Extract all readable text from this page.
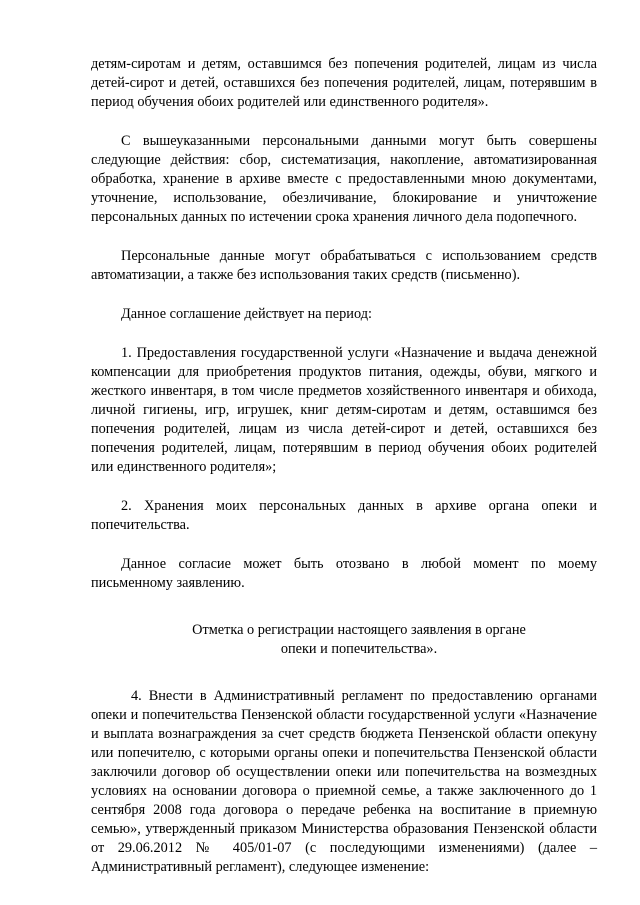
детям-сиротам и детям, оставшимся без попечения родителей, лицам из числа детей-сирот и детей, оставшихся без попечения родителей, лицам, потерявшим в период обучения обоих родителей или единственного родителя».

С вышеуказанными персональными данными могут быть совершены следующие действия: сбор, систематизация, накопление, автоматизированная обработка, хранение в архиве вместе с предоставленными мною документами, уточнение, использование, обезличивание, блокирование и уничтожение персональных данных по истечении срока хранения личного дела подопечного.

Персональные данные могут обрабатываться с использованием средств автоматизации, а также без использования таких средств (письменно).

Данное соглашение действует на период:

1. Предоставления государственной услуги «Назначение и выдача денежной компенсации для приобретения продуктов питания, одежды, обуви, мягкого и жесткого инвентаря, в том числе предметов хозяйственного инвентаря и обихода, личной гигиены, игр, игрушек, книг детям-сиротам и детям, оставшимся без попечения родителей, лицам из числа детей-сирот и детей, оставшихся без попечения родителей, лицам, потерявшим в период обучения обоих родителей или единственного родителя»;

2. Хранения моих персональных данных в архиве органа опеки и попечительства.

Данное согласие может быть отозвано в любой момент по моему письменному заявлению.

Отметка о регистрации настоящего заявления в органе

опеки и попечительства».

4. Внести в Административный регламент по предоставлению органами опеки и попечительства Пензенской области государственной услуги «Назначение и выплата вознаграждения за счет средств бюджета Пензенской области опекуну или попечителю, с которыми органы опеки и попечительства Пензенской области заключили договор об осуществлении опеки или попечительства на возмездных условиях на основании договора о приемной семье, а также заключенного до 1 сентября 2008 года договора о передаче ребенка на воспитание в приемную семью», утвержденный приказом Министерства образования Пензенской области от 29.06.2012 № 405/01-07 (с последующими изменениями) (далее – Административный регламент), следующее изменение:
